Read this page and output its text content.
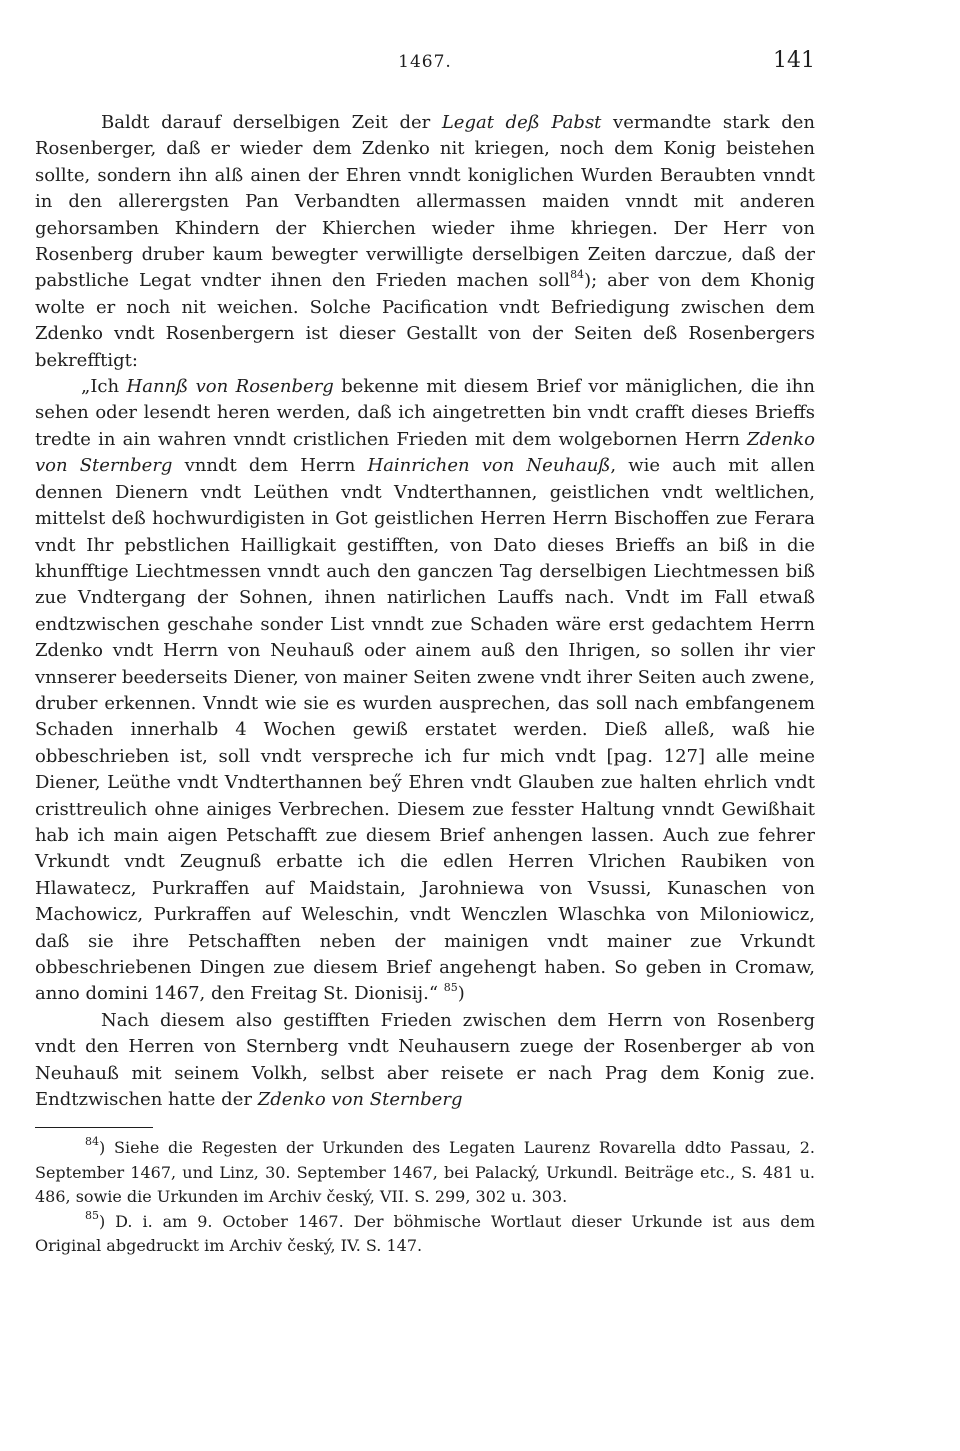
1467.	141

Baldt darauf derselbigen Zeit der Legat deß Pabst vermandte stark den Rosenberger, daß er wieder dem Zdenko nit kriegen, noch dem Konig beistehen sollte, sondern ihn alß ainen der Ehren vnndt koniglichen Wurden Beraubten vnndt in den allerergsten Pan Verbandten allermassen maiden vnndt mit anderen gehorsamben Khindern der Khierchen wieder ihme khriegen. Der Herr von Rosenberg druber kaum bewegter verwilligte derselbigen Zeiten darczue, daß der pabstliche Legat vndter ihnen den Frieden machen soll$^{84}$); aber von dem Khonig wolte er noch nit weichen. Solche Pacification vndt Befriedigung zwischen dem Zdenko vndt Rosenbergern ist dieser Gestallt von der Seiten deß Rosenbergers bekrefftigt:

„Ich Hannß von Rosenberg bekenne mit diesem Brief vor mäniglichen, die ihn sehen oder lesendt heren werden, daß ich aingetretten bin vndt crafft dieses Brieffs tredte in ain wahren vnndt cristlichen Frieden mit dem wolgebornen Herrn Zdenko von Sternberg vnndt dem Herrn Hainrichen von Neuhauß, wie auch mit allen dennen Dienern vndt Leüthen vndt Vndterthannen, geistlichen vndt weltlichen, mittelst deß hochwurdigisten in Got geistlichen Herren Herrn Bischoffen zue Ferara vndt Ihr pebstlichen Hailligkait gestifften, von Dato dieses Brieffs an biß in die khunfftige Liechtmessen vnndt auch den ganczen Tag derselbigen Liechtmessen biß zue Vndtergang der Sohnen, ihnen natirlichen Lauffs nach. Vndt im Fall etwaß endtzwischen geschahe sonder List vnndt zue Schaden wäre erst gedachtem Herrn Zdenko vndt Herrn von Neuhauß oder ainem auß den Ihrigen, so sollen ihr vier vnnserer beederseits Diener, von mainer Seiten zwene vndt ihrer Seiten auch zwene, druber erkennen. Vnndt wie sie es wurden ausprechen, das soll nach embfangenem Schaden innerhalb 4 Wochen gewiß erstatet werden. Dieß alleß, waß hie obbeschrieben ist, soll vndt verspreche ich fur mich vndt [pag. 127] alle meine Diener, Leüthe vndt Vndterthannen beӳ Ehren vndt Glauben zue halten ehrlich vndt cristtreulich ohne ainiges Verbrechen. Diesem zue fesster Haltung vnndt Gewißhait hab ich main aigen Petschafft zue diesem Brief anhengen lassen. Auch zue fehrer Vrkundt vndt Zeugnuß erbatte ich die edlen Herren Vlrichen Raubiken von Hlawatecz, Purkraffen auf Maidstain, Jarohniewa von Vsussi, Kunaschen von Machowicz, Purkraffen auf Weleschin, vndt Wenczlen Wlaschka von Miloniowicz, daß sie ihre Petschafften neben der mainigen vndt mainer zue Vrkundt obbeschriebenen Dingen zue diesem Brief angehengt haben. So geben in Cromaw, anno domini 1467, den Freitag St. Dionisij.“ $^{85}$)

Nach diesem also gestifften Frieden zwischen dem Herrn von Rosenberg vndt den Herren von Sternberg vndt Neuhausern zuege der Rosenberger ab von Neuhauß mit seinem Volkh, selbst aber reisete er nach Prag dem Konig zue. Endtzwischen hatte der Zdenko von Sternberg

$^{84}$) Siehe die Regesten der Urkunden des Legaten Laurenz Rovarella ddto Passau, 2. September 1467, und Linz, 30. September 1467, bei Palacký, Urkundl. Beiträge etc., S. 481 u. 486, sowie die Urkunden im Archiv český, VII. S. 299, 302 u. 303.

$^{85}$) D. i. am 9. October 1467. Der böhmische Wortlaut dieser Urkunde ist aus dem Original abgedruckt im Archiv český, IV. S. 147.
